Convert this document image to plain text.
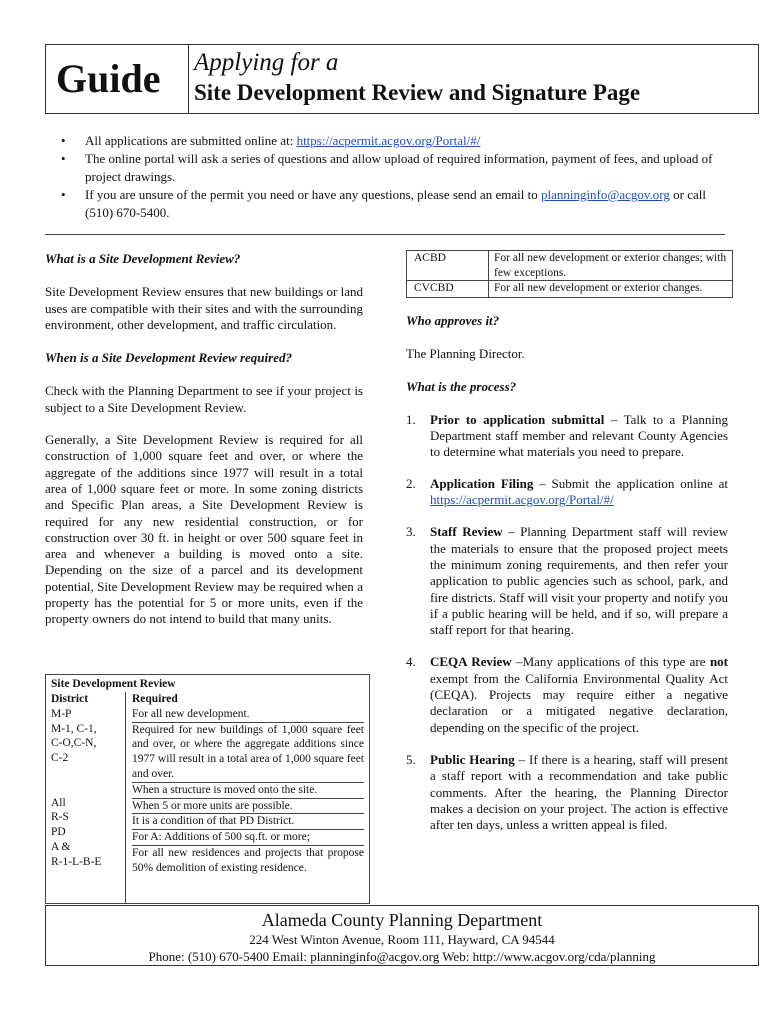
Guide	Applying for a
Site Development Review and Signature Page
• All applications are submitted online at: https://acpermit.acgov.org/Portal/#/
• The online portal will ask a series of questions and allow upload of required information, payment of fees, and upload of project drawings.
• If you are unsure of the permit you need or have any questions, please send an email to planninginfo@acgov.org or call (510) 670-5400.

What is a Site Development Review?

Site Development Review ensures that new buildings or land uses are compatible with their sites and with the surrounding environment, other development, and traffic circulation.

When is a Site Development Review required?

Check with the Planning Department to see if your project is subject to a Site Development Review.

Generally, a Site Development Review is required for all construction of 1,000 square feet and over, or where the aggregate of the additions since 1977 will result in a total area of 1,000 square feet or more. In some zoning districts and Specific Plan areas, a Site Development Review is required for any new residential construction, or for construction over 30 ft. in height or over 500 square feet in area and whenever a building is moved onto a site. Depending on the size of a parcel and its development potential, Site Development Review may be required when a property has the potential for 5 or more units, even if the property owners do not intend to build that many units.

Site Development Review
District
M-P
M-1, C-1,
C-O,C-N,
C-2
All
R-S
PD
A &
R-1-L-B-E
Required
For all new development.
Required for new buildings of 1,000 square feet and over, or where the aggregate additions since 1977 will result in a total area of 1,000 square feet and over.
When a structure is moved onto the site.
When 5 or more units are possible.
It is a condition of that PD District.
For A: Additions of 500 sq.ft. or more;
For all new residences and projects that propose 50% demolition of existing residence.
ACBD
CVCBD
For all new development or exterior changes; with few exceptions.
For all new development or exterior changes.

Who approves it?

The Planning Director.

What is the process?

1. Prior to application submittal – Talk to a Planning Department staff member and relevant County Agencies to determine what materials you need to prepare.

2. Application Filing – Submit the application online at https://acpermit.acgov.org/Portal/#/

3. Staff Review – Planning Department staff will review the materials to ensure that the proposed project meets the minimum zoning requirements, and then refer your application to public agencies such as school, park, and fire districts. Staff will visit your property and notify you if a public hearing will be held, and if so, will prepare a staff report for that hearing.

4. CEQA Review –Many applications of this type are not exempt from the California Environmental Quality Act (CEQA). Projects may require either a negative declaration or a mitigated negative declaration, depending on the specific of the project.

5. Public Hearing – If there is a hearing, staff will present a staff report with a recommendation and take public comments. After the hearing, the Planning Director makes a decision on your project. The action is effective after ten days, unless a written appeal is filed.

Alameda County Planning Department
224 West Winton Avenue, Room 111, Hayward, CA 94544
Phone: (510) 670-5400 Email: planninginfo@acgov.org Web: http://www.acgov.org/cda/planning
